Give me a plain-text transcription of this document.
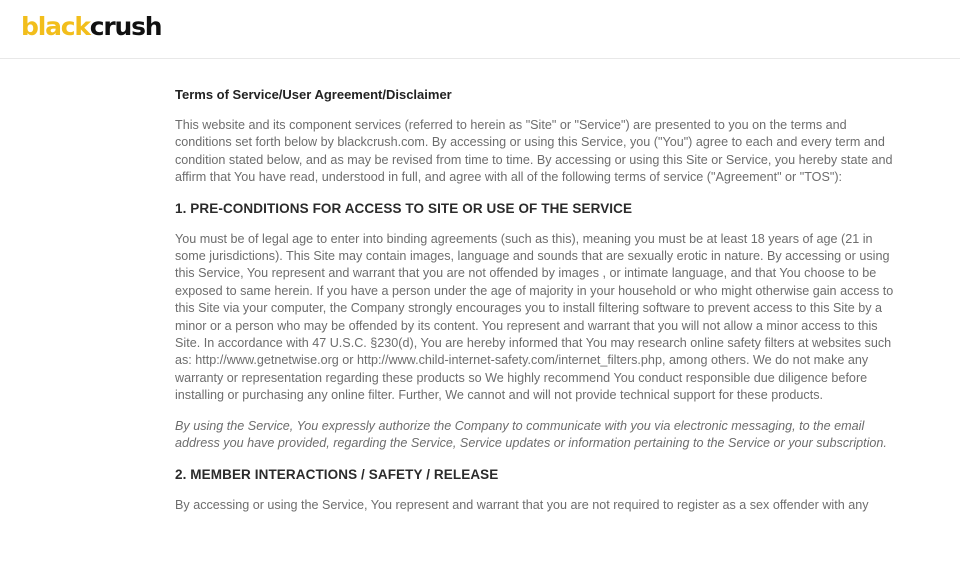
blackcrush
Terms of Service/User Agreement/Disclaimer

This website and its component services (referred to herein as "Site" or "Service") are presented to you on the terms and conditions set forth below by blackcrush.com. By accessing or using this Service, you ("You") agree to each and every term and condition stated below, and as may be revised from time to time. By accessing or using this Site or Service, you hereby state and affirm that You have read, understood in full, and agree with all of the following terms of service ("Agreement" or "TOS"):

1. PRE-CONDITIONS FOR ACCESS TO SITE OR USE OF THE SERVICE

You must be of legal age to enter into binding agreements (such as this), meaning you must be at least 18 years of age (21 in some jurisdictions). This Site may contain images, language and sounds that are sexually erotic in nature. By accessing or using this Service, You represent and warrant that you are not offended by images , or intimate language, and that You choose to be exposed to same herein. If you have a person under the age of majority in your household or who might otherwise gain access to this Site via your computer, the Company strongly encourages you to install filtering software to prevent access to this Site by a minor or a person who may be offended by its content. You represent and warrant that you will not allow a minor access to this Site. In accordance with 47 U.S.C. §230(d), You are hereby informed that You may research online safety filters at websites such as: http://www.getnetwise.org or http://www.child-internet-safety.com/internet_filters.php, among others. We do not make any warranty or representation regarding these products so We highly recommend You conduct responsible due diligence before installing or purchasing any online filter. Further, We cannot and will not provide technical support for these products.

By using the Service, You expressly authorize the Company to communicate with you via electronic messaging, to the email address you have provided, regarding the Service, Service updates or information pertaining to the Service or your subscription.

2. MEMBER INTERACTIONS / SAFETY / RELEASE

By accessing or using the Service, You represent and warrant that you are not required to register as a sex offender with any
